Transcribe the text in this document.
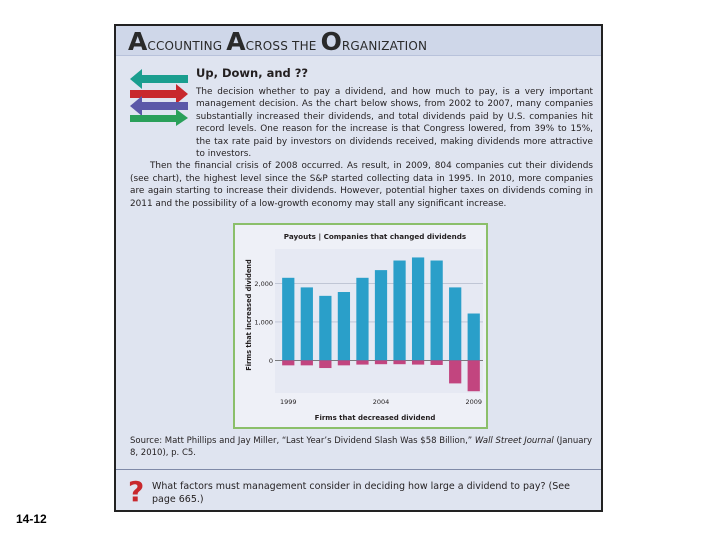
14-12
ACCOUNTING ACROSS THE ORGANIZATION
Up, Down, and ??

The decision whether to pay a dividend, and how much to pay, is a very important management decision. As the chart below shows, from 2002 to 2007, many companies substantially increased their dividends, and total dividends paid by U.S. companies hit record levels. One reason for the increase is that Congress lowered, from 39% to 15%, the tax rate paid by investors on dividends received, making dividends more attractive to investors.

Then the financial crisis of 2008 occurred. As result, in 2009, 804 companies cut their dividends (see chart), the highest level since the S&P started collecting data in 1995. In 2010, more companies are again starting to increase their dividends. However, potential higher taxes on dividends coming in 2011 and the possibility of a low-growth economy may stall any significant increase.

Payouts | Companies that changed dividends
Firms that increased dividend
Firms that decreased dividend
2,000
1,000
0
1999	2004	2009
Source: Matt Phillips and Jay Miller, “Last Year’s Dividend Slash Was $58 Billion,” Wall Street Journal (January 8, 2010), p. C5.
? What factors must management consider in deciding how large a dividend to pay? (See page 665.)
